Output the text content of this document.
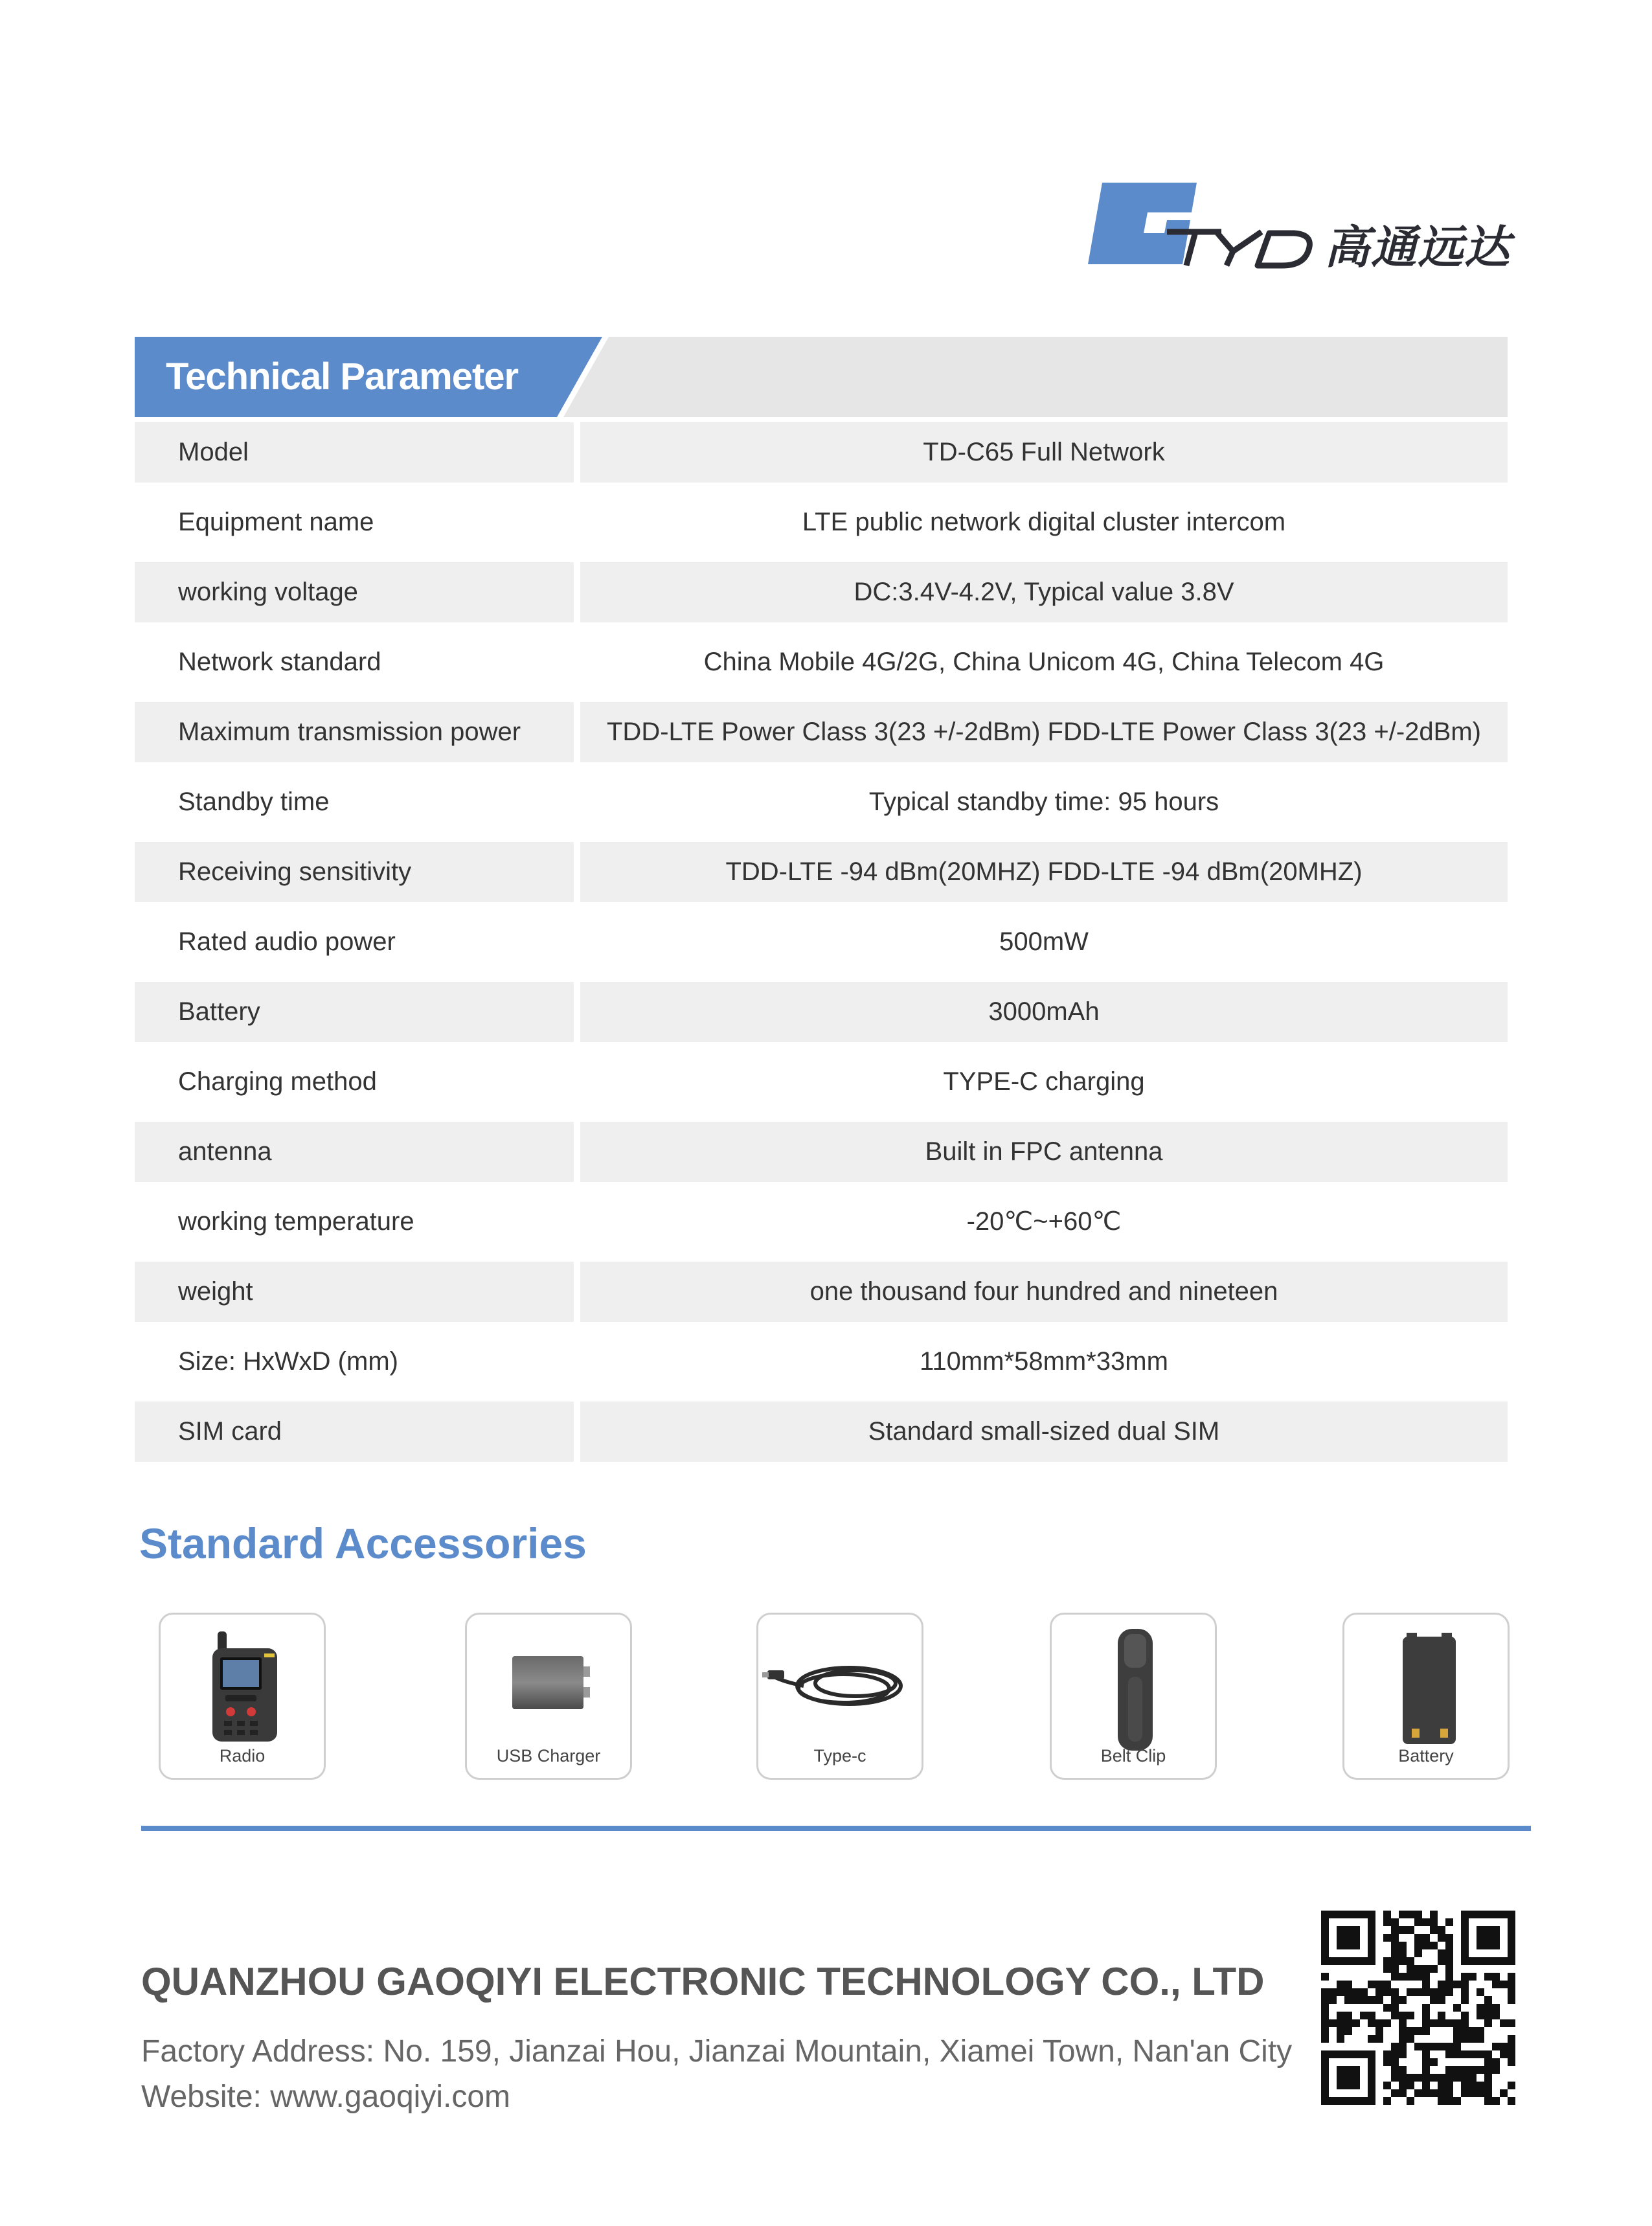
高通远达
Technical Parameter
Model	TD-C65 Full Network
Equipment name	LTE public network digital cluster intercom
working voltage	DC:3.4V-4.2V, Typical value 3.8V
Network standard	China Mobile 4G/2G, China Unicom 4G, China Telecom 4G
Maximum transmission power	TDD-LTE Power Class 3(23 +/-2dBm) FDD-LTE Power Class 3(23 +/-2dBm)
Standby time	Typical standby time: 95 hours
Receiving sensitivity	TDD-LTE -94 dBm(20MHZ) FDD-LTE -94 dBm(20MHZ)
Rated audio power	500mW
Battery	3000mAh
Charging method	TYPE-C charging
antenna	Built in FPC antenna
working temperature	-20℃~+60℃
weight	one thousand four hundred and nineteen
Size: HxWxD (mm)	110mm*58mm*33mm
SIM card	Standard small-sized dual SIM
Standard Accessories
Radio	USB Charger	Type-c	Belt Clip	Battery
QUANZHOU GAOQIYI ELECTRONIC TECHNOLOGY CO., LTD
Factory Address: No. 159, Jianzai Hou, Jianzai Mountain, Xiamei Town, Nan'an City
Website: www.gaoqiyi.com
